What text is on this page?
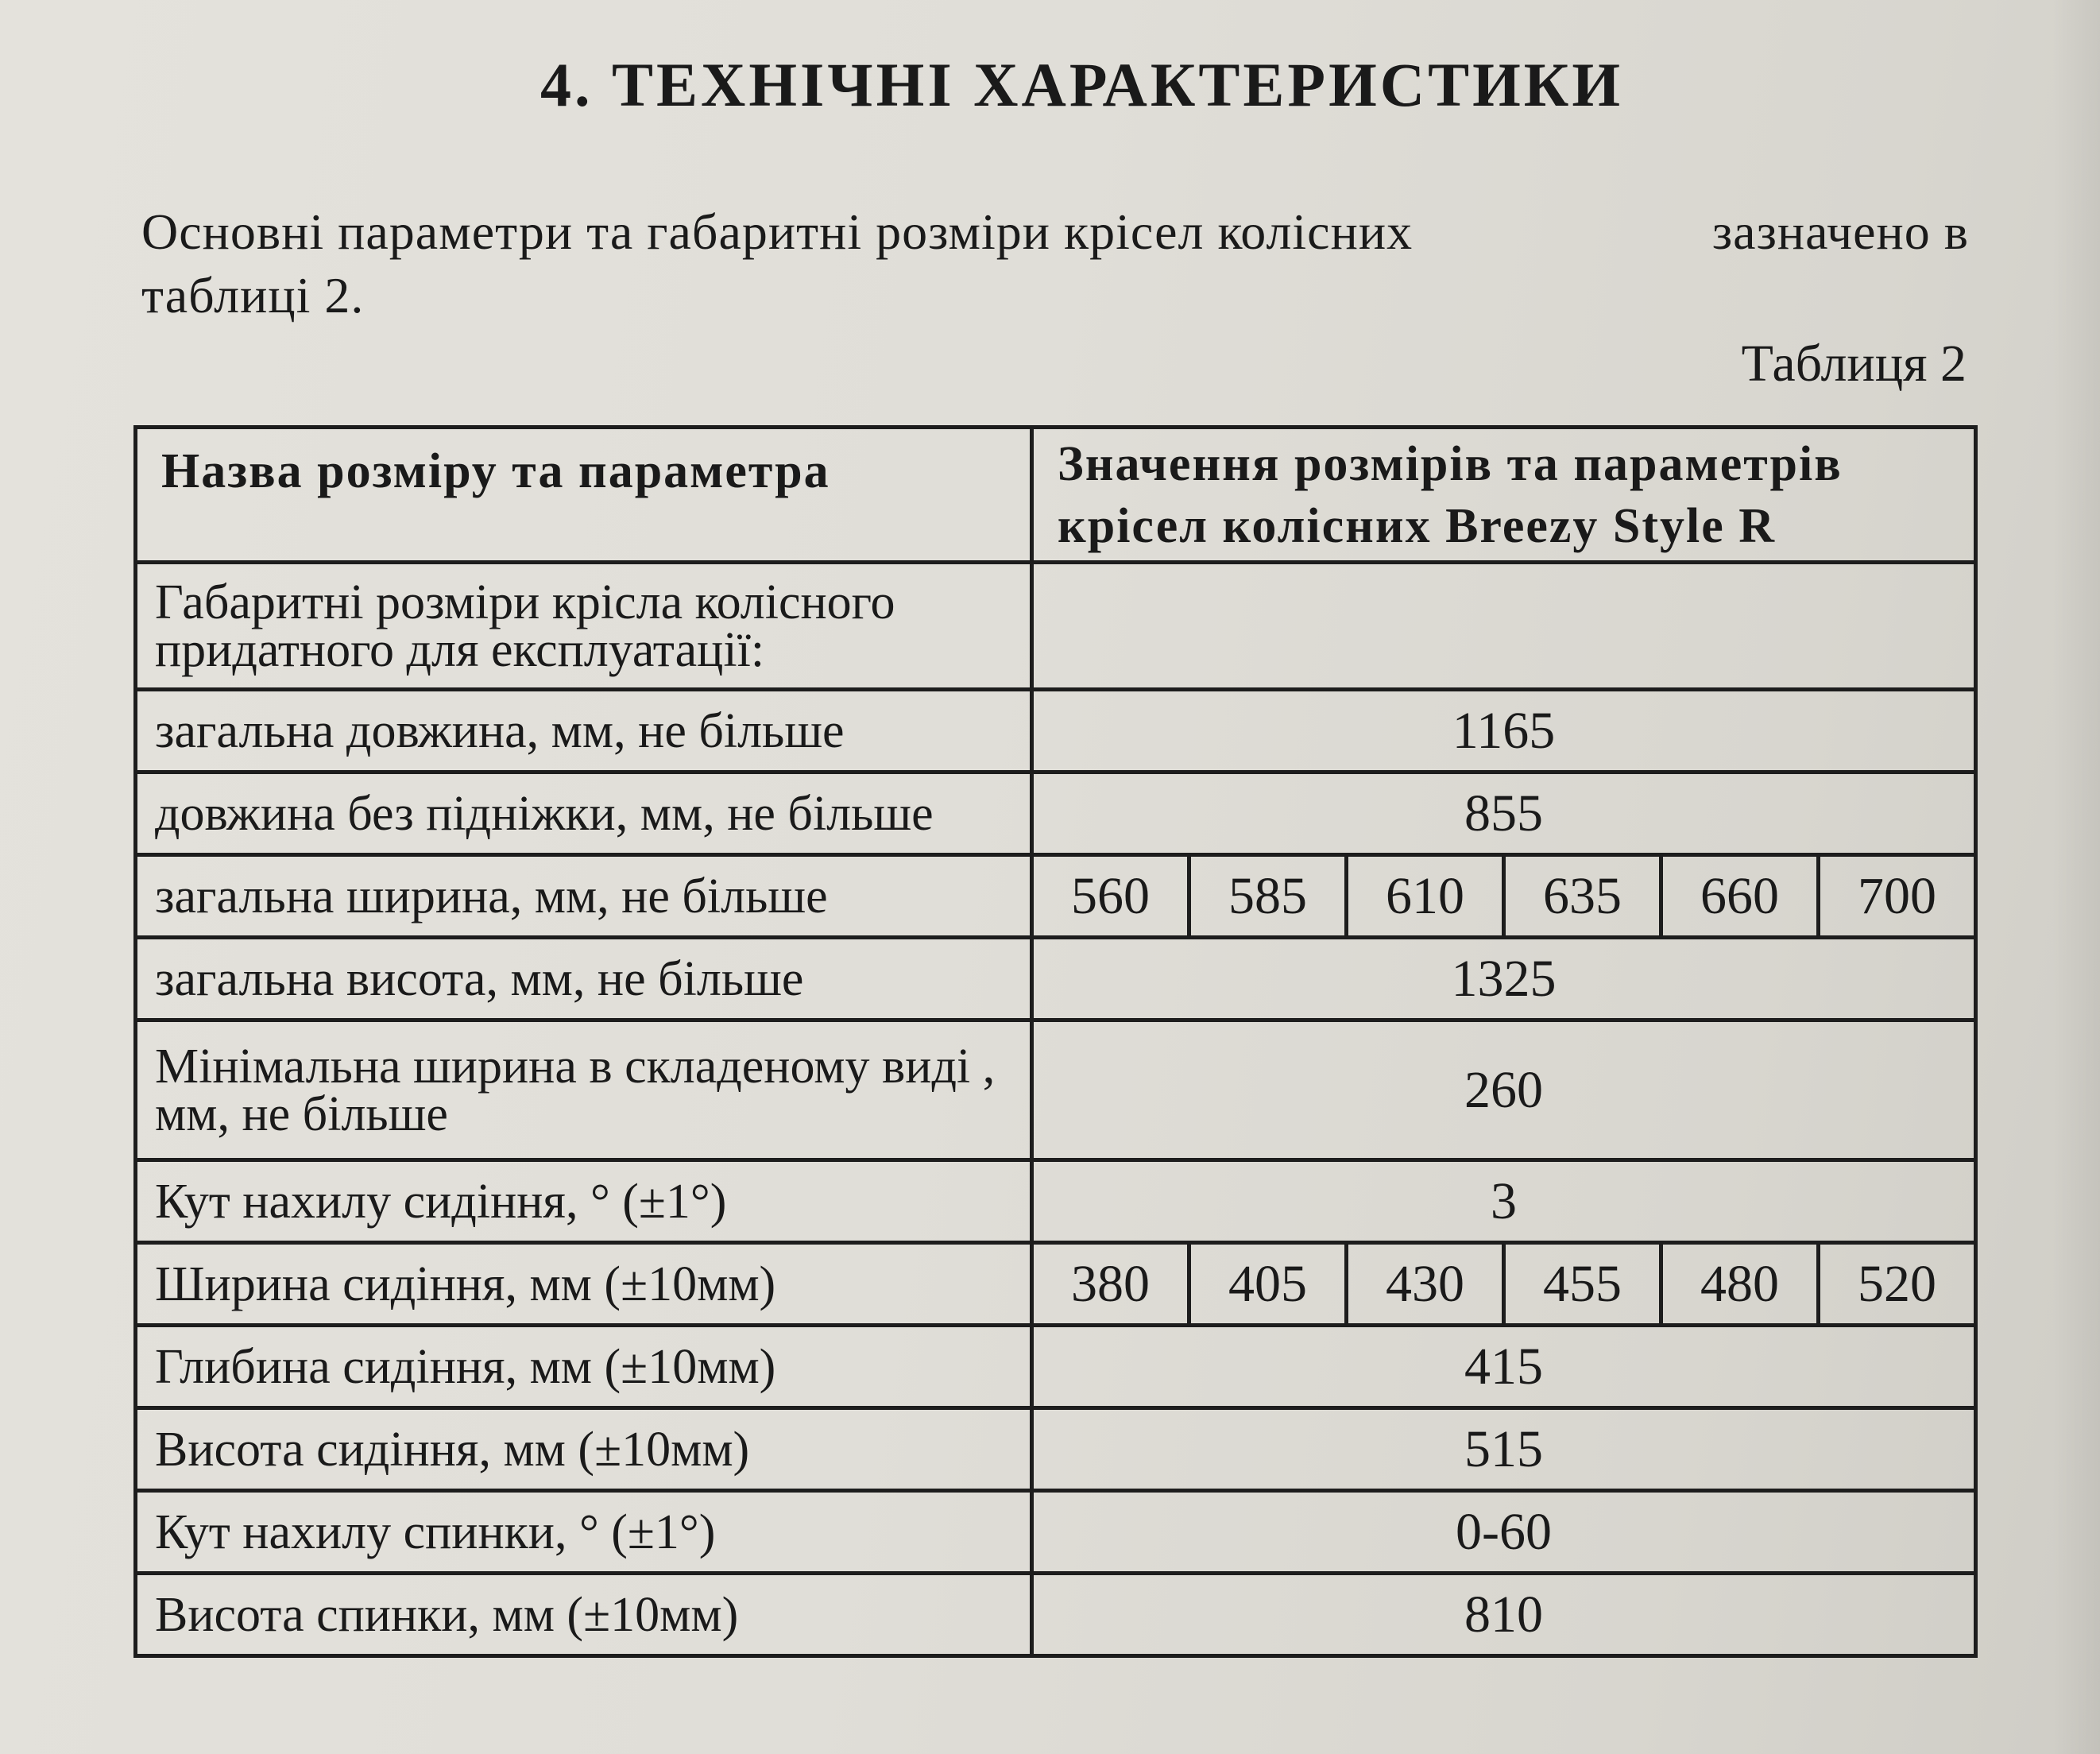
4. ТЕХНІЧНІ ХАРАКТЕРИСТИКИ
Основні параметри та габаритні розміри крісел колісних	зазначено в
таблиці 2.
Таблиця 2
Назва розміру та параметра	Значення розмірів та параметрів крісел колісних Breezy Style R					
Габаритні розміри крісла колісного придатного для експлуатації:						
загальна довжина, мм, не більше	1165					
довжина без підніжки, мм, не більше	855					
загальна ширина, мм, не більше	560	585	610	635	660	700
загальна висота, мм, не більше	1325					
Мінімальна ширина в складеному виді , мм, не більше	260					
Кут нахилу сидіння, ° (±1°)	3					
Ширина сидіння, мм (±10мм)	380	405	430	455	480	520
Глибина сидіння, мм (±10мм)	415					
Висота сидіння, мм (±10мм)	515					
Кут нахилу спинки, ° (±1°)	0-60					
Висота спинки, мм (±10мм)	810					
